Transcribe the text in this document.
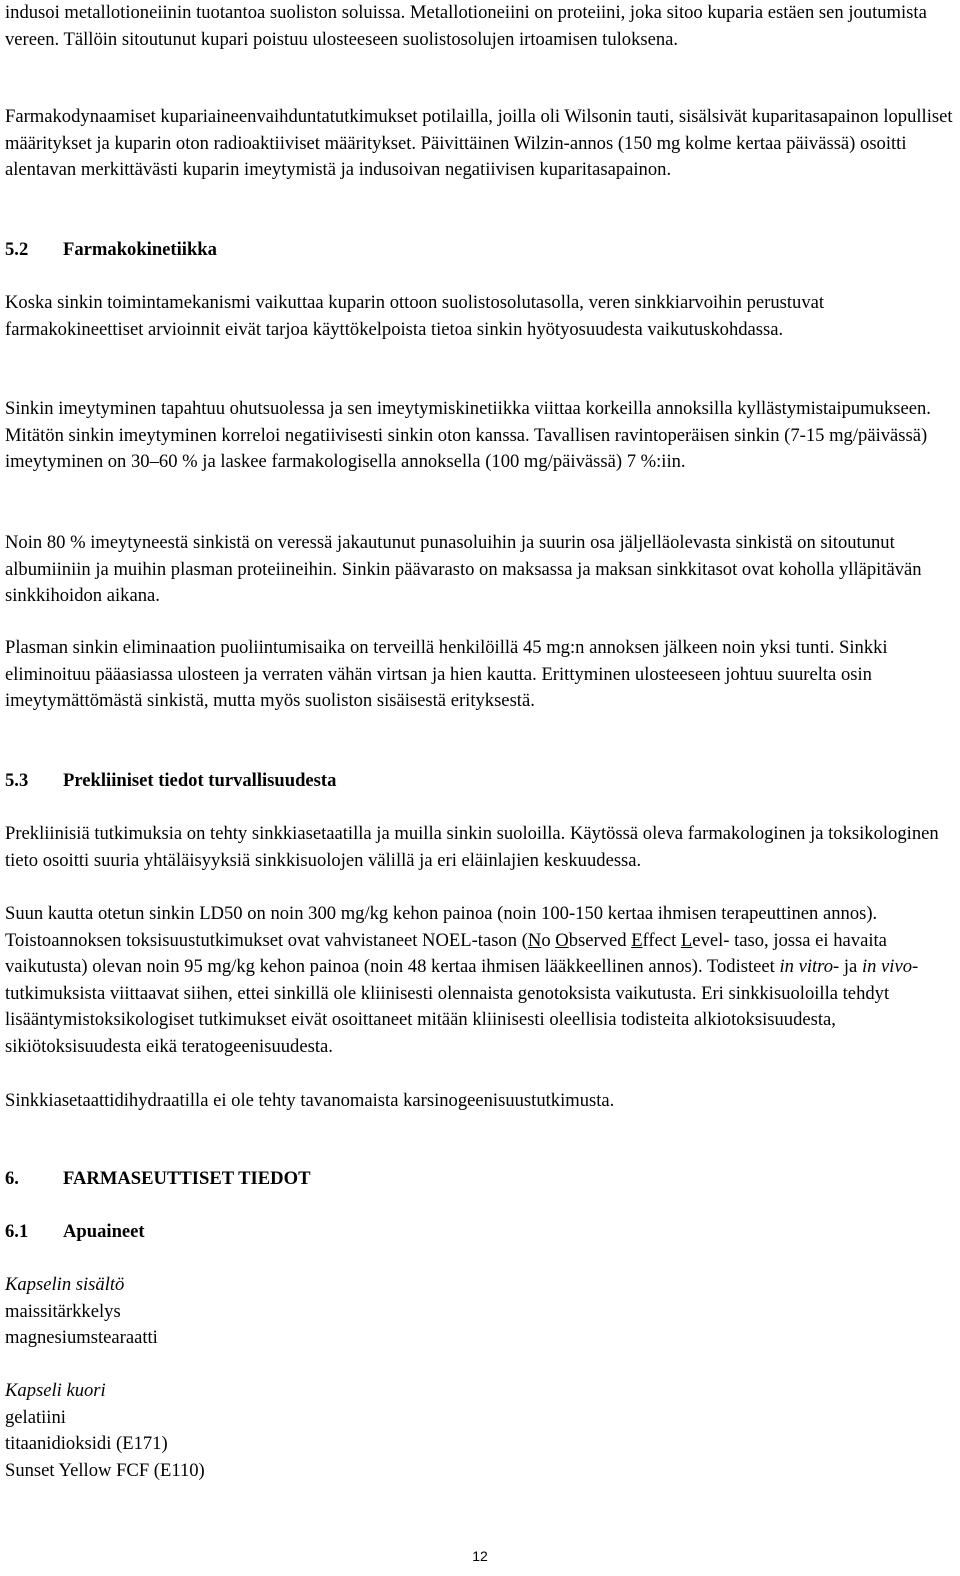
indusoi metallotioneiinin tuotantoa suoliston soluissa. Metallotioneiini on proteiini, joka sitoo kuparia estäen sen joutumista vereen. Tällöin sitoutunut kupari poistuu ulosteeseen suolistosolujen irtoamisen tuloksena.

Farmakodynaamiset kupariaineenvaihduntatutkimukset potilailla, joilla oli Wilsonin tauti, sisälsivät kuparitasapainon lopulliset määritykset ja kuparin oton radioaktiiviset määritykset. Päivittäinen Wilzin-annos (150 mg kolme kertaa päivässä) osoitti alentavan merkittävästi kuparin imeytymistä ja indusoivan negatiivisen kuparitasapainon.

5.2 Farmakokinetiikka

Koska sinkin toimintamekanismi vaikuttaa kuparin ottoon suolistosolutasolla, veren sinkkiarvoihin perustuvat farmakokineettiset arvioinnit eivät tarjoa käyttökelpoista tietoa sinkin hyötyosuudesta vaikutuskohdassa.

Sinkin imeytyminen tapahtuu ohutsuolessa ja sen imeytymiskinetiikka viittaa korkeilla annoksilla kyllästymistaipumukseen. Mitätön sinkin imeytyminen korreloi negatiivisesti sinkin oton kanssa. Tavallisen ravintoperäisen sinkin (7-15 mg/päivässä) imeytyminen on 30–60 % ja laskee farmakologisella annoksella (100 mg/päivässä) 7 %:iin.

Noin 80 % imeytyneestä sinkistä on veressä jakautunut punasoluihin ja suurin osa jäljelläolevasta sinkistä on sitoutunut albumiiniin ja muihin plasman proteiineihin. Sinkin päävarasto on maksassa ja maksan sinkkitasot ovat koholla ylläpitävän sinkkihoidon aikana.

Plasman sinkin eliminaation puoliintumisaika on terveillä henkilöillä 45 mg:n annoksen jälkeen noin yksi tunti. Sinkki eliminoituu pääasiassa ulosteen ja verraten vähän virtsan ja hien kautta. Erittyminen ulosteeseen johtuu suurelta osin imeytymättömästä sinkistä, mutta myös suoliston sisäisestä erityksestä.

5.3 Prekliiniset tiedot turvallisuudesta

Prekliinisiä tutkimuksia on tehty sinkkiasetaatilla ja muilla sinkin suoloilla. Käytössä oleva farmakologinen ja toksikologinen tieto osoitti suuria yhtäläisyyksiä sinkkisuolojen välillä ja eri eläinlajien keskuudessa.

Suun kautta otetun sinkin LD50 on noin 300 mg/kg kehon painoa (noin 100-150 kertaa ihmisen terapeuttinen annos). Toistoannoksen toksisuustutkimukset ovat vahvistaneet NOEL-tason (No Observed Effect Level- taso, jossa ei havaita vaikutusta) olevan noin 95 mg/kg kehon painoa (noin 48 kertaa ihmisen lääkkeellinen annos). Todisteet in vitro- ja in vivo- tutkimuksista viittaavat siihen, ettei sinkillä ole kliinisesti olennaista genotoksista vaikutusta. Eri sinkkisuoloilla tehdyt lisääntymistoksikologiset tutkimukset eivät osoittaneet mitään kliinisesti oleellisia todisteita alkiotoksisuudesta, sikiötoksisuudesta eikä teratogeenisuudesta.

Sinkkiasetaattidihydraatilla ei ole tehty tavanomaista karsinogeenisuustutkimusta.

6. FARMASEUTTISET TIEDOT
6.1 Apuaineet
Kapselin sisältö
maissitärkkelys
magnesiumstearaatti
Kapseli kuori
gelatiini
titaanidioksidi (E171)
Sunset Yellow FCF (E110)
12
